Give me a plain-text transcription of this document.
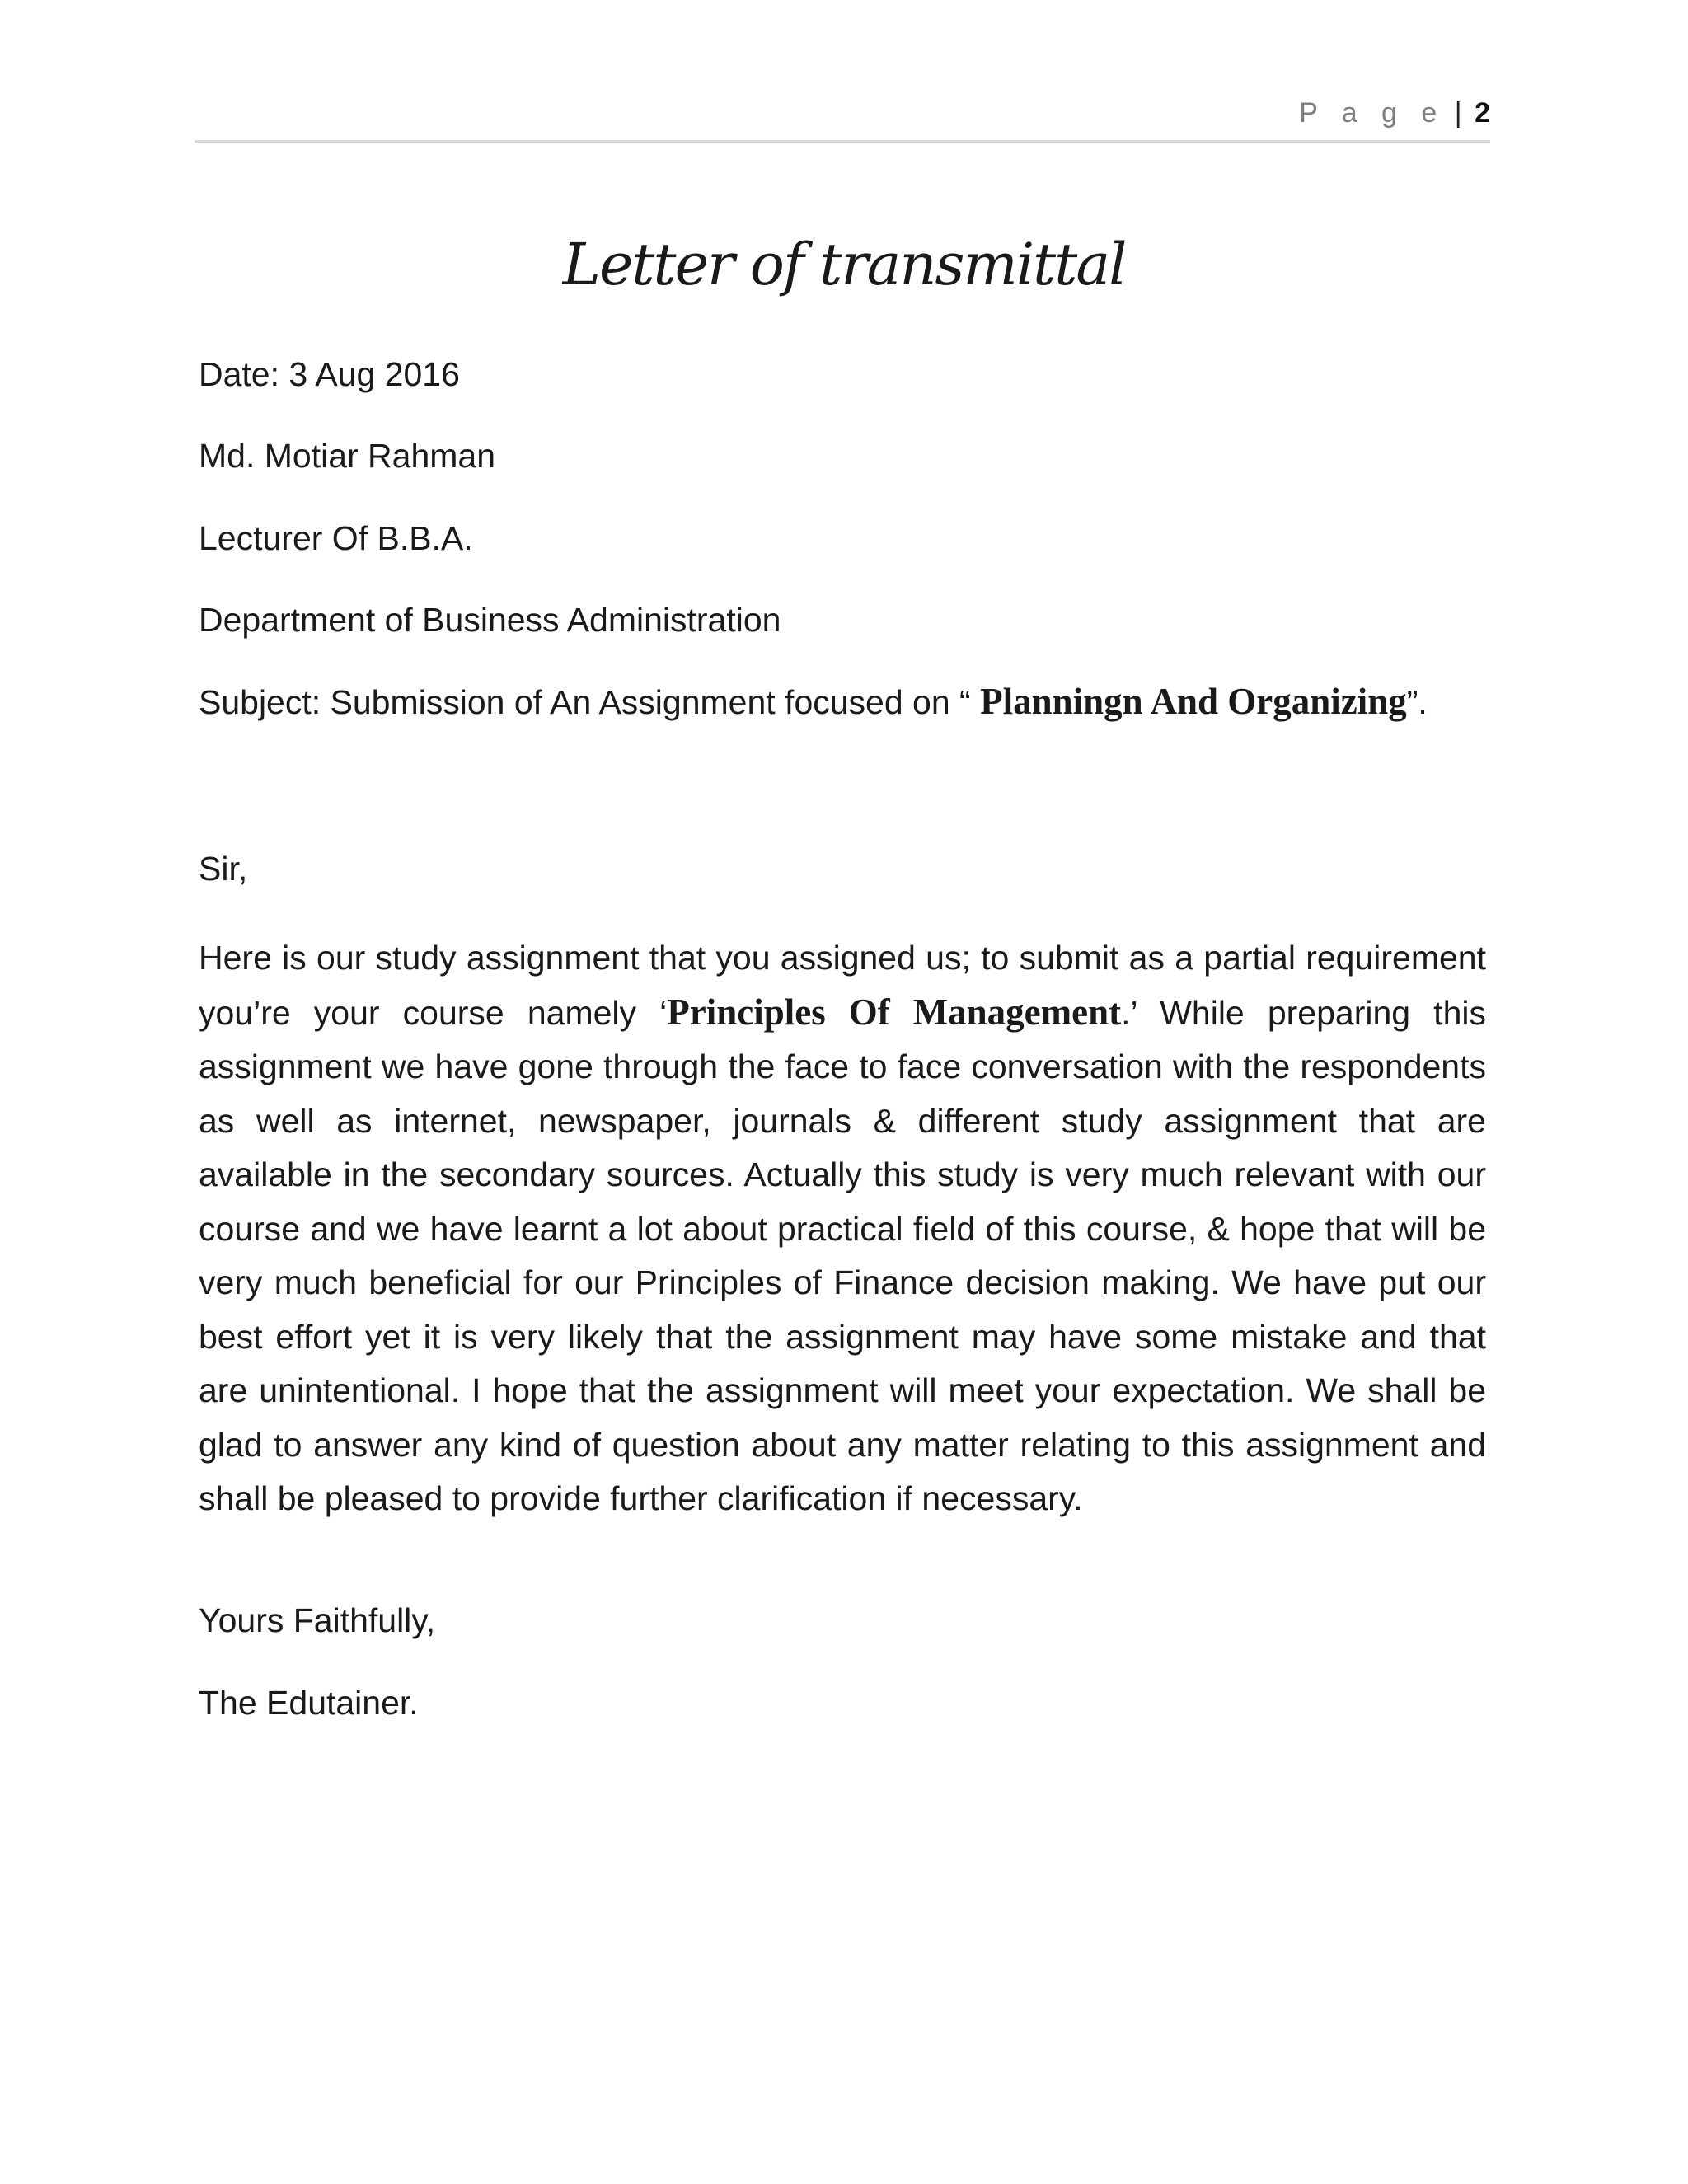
P a g e | 2
Letter of transmittal
Date: 3 Aug 2016
Md. Motiar Rahman
Lecturer Of B.B.A.
Department of Business Administration
Subject: Submission of An Assignment focused on “ Planningn And Organizing”.
Sir,
Here is our study assignment that you assigned us; to submit as a partial requirement you’re your course namely ‘Principles Of Management.’ While preparing this assignment we have gone through the face to face conversation with the respondents as well as internet, newspaper, journals & different study assignment that are available in the secondary sources. Actually this study is very much relevant with our course and we have learnt a lot about practical field of this course, & hope that will be very much beneficial for our Principles of Finance decision making. We have put our best effort yet it is very likely that the assignment may have some mistake and that are unintentional. I hope that the assignment will meet your expectation. We shall be glad to answer any kind of question about any matter relating to this assignment and shall be pleased to provide further clarification if necessary.
Yours Faithfully,
The Edutainer.
